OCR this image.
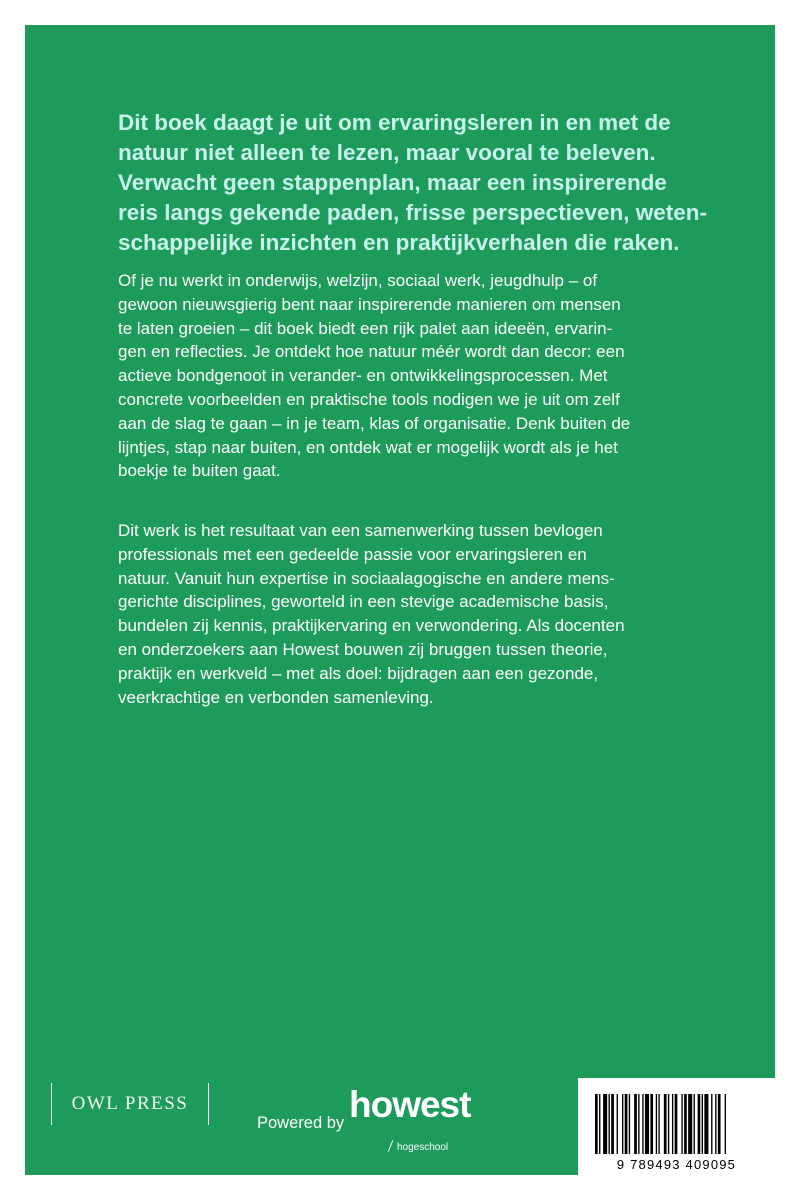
Dit boek daagt je uit om ervaringsleren in en met de
natuur niet alleen te lezen, maar vooral te beleven.
Verwacht geen stappenplan, maar een inspirerende
reis langs gekende paden, frisse perspectieven, weten-
schappelijke inzichten en praktijkverhalen die raken.
Of je nu werkt in onderwijs, welzijn, sociaal werk, jeugdhulp – of
gewoon nieuwsgierig bent naar inspirerende manieren om mensen
te laten groeien – dit boek biedt een rijk palet aan ideeën, ervarin-
gen en reflecties. Je ontdekt hoe natuur méér wordt dan decor: een
actieve bondgenoot in verander- en ontwikkelingsprocessen. Met
concrete voorbeelden en praktische tools nodigen we je uit om zelf
aan de slag te gaan – in je team, klas of organisatie. Denk buiten de
lijntjes, stap naar buiten, en ontdek wat er mogelijk wordt als je het
boekje te buiten gaat.
Dit werk is het resultaat van een samenwerking tussen bevlogen
professionals met een gedeelde passie voor ervaringsleren en
natuur. Vanuit hun expertise in sociaalagogische en andere mens-
gerichte disciplines, geworteld in een stevige academische basis,
bundelen zij kennis, praktijkervaring en verwondering. Als docenten
en onderzoekers aan Howest bouwen zij bruggen tussen theorie,
praktijk en werkveld – met als doel: bijdragen aan een gezonde,
veerkrachtige en verbonden samenleving.
OWL PRESS
Powered by howest
hogeschool
9 789493 409095
